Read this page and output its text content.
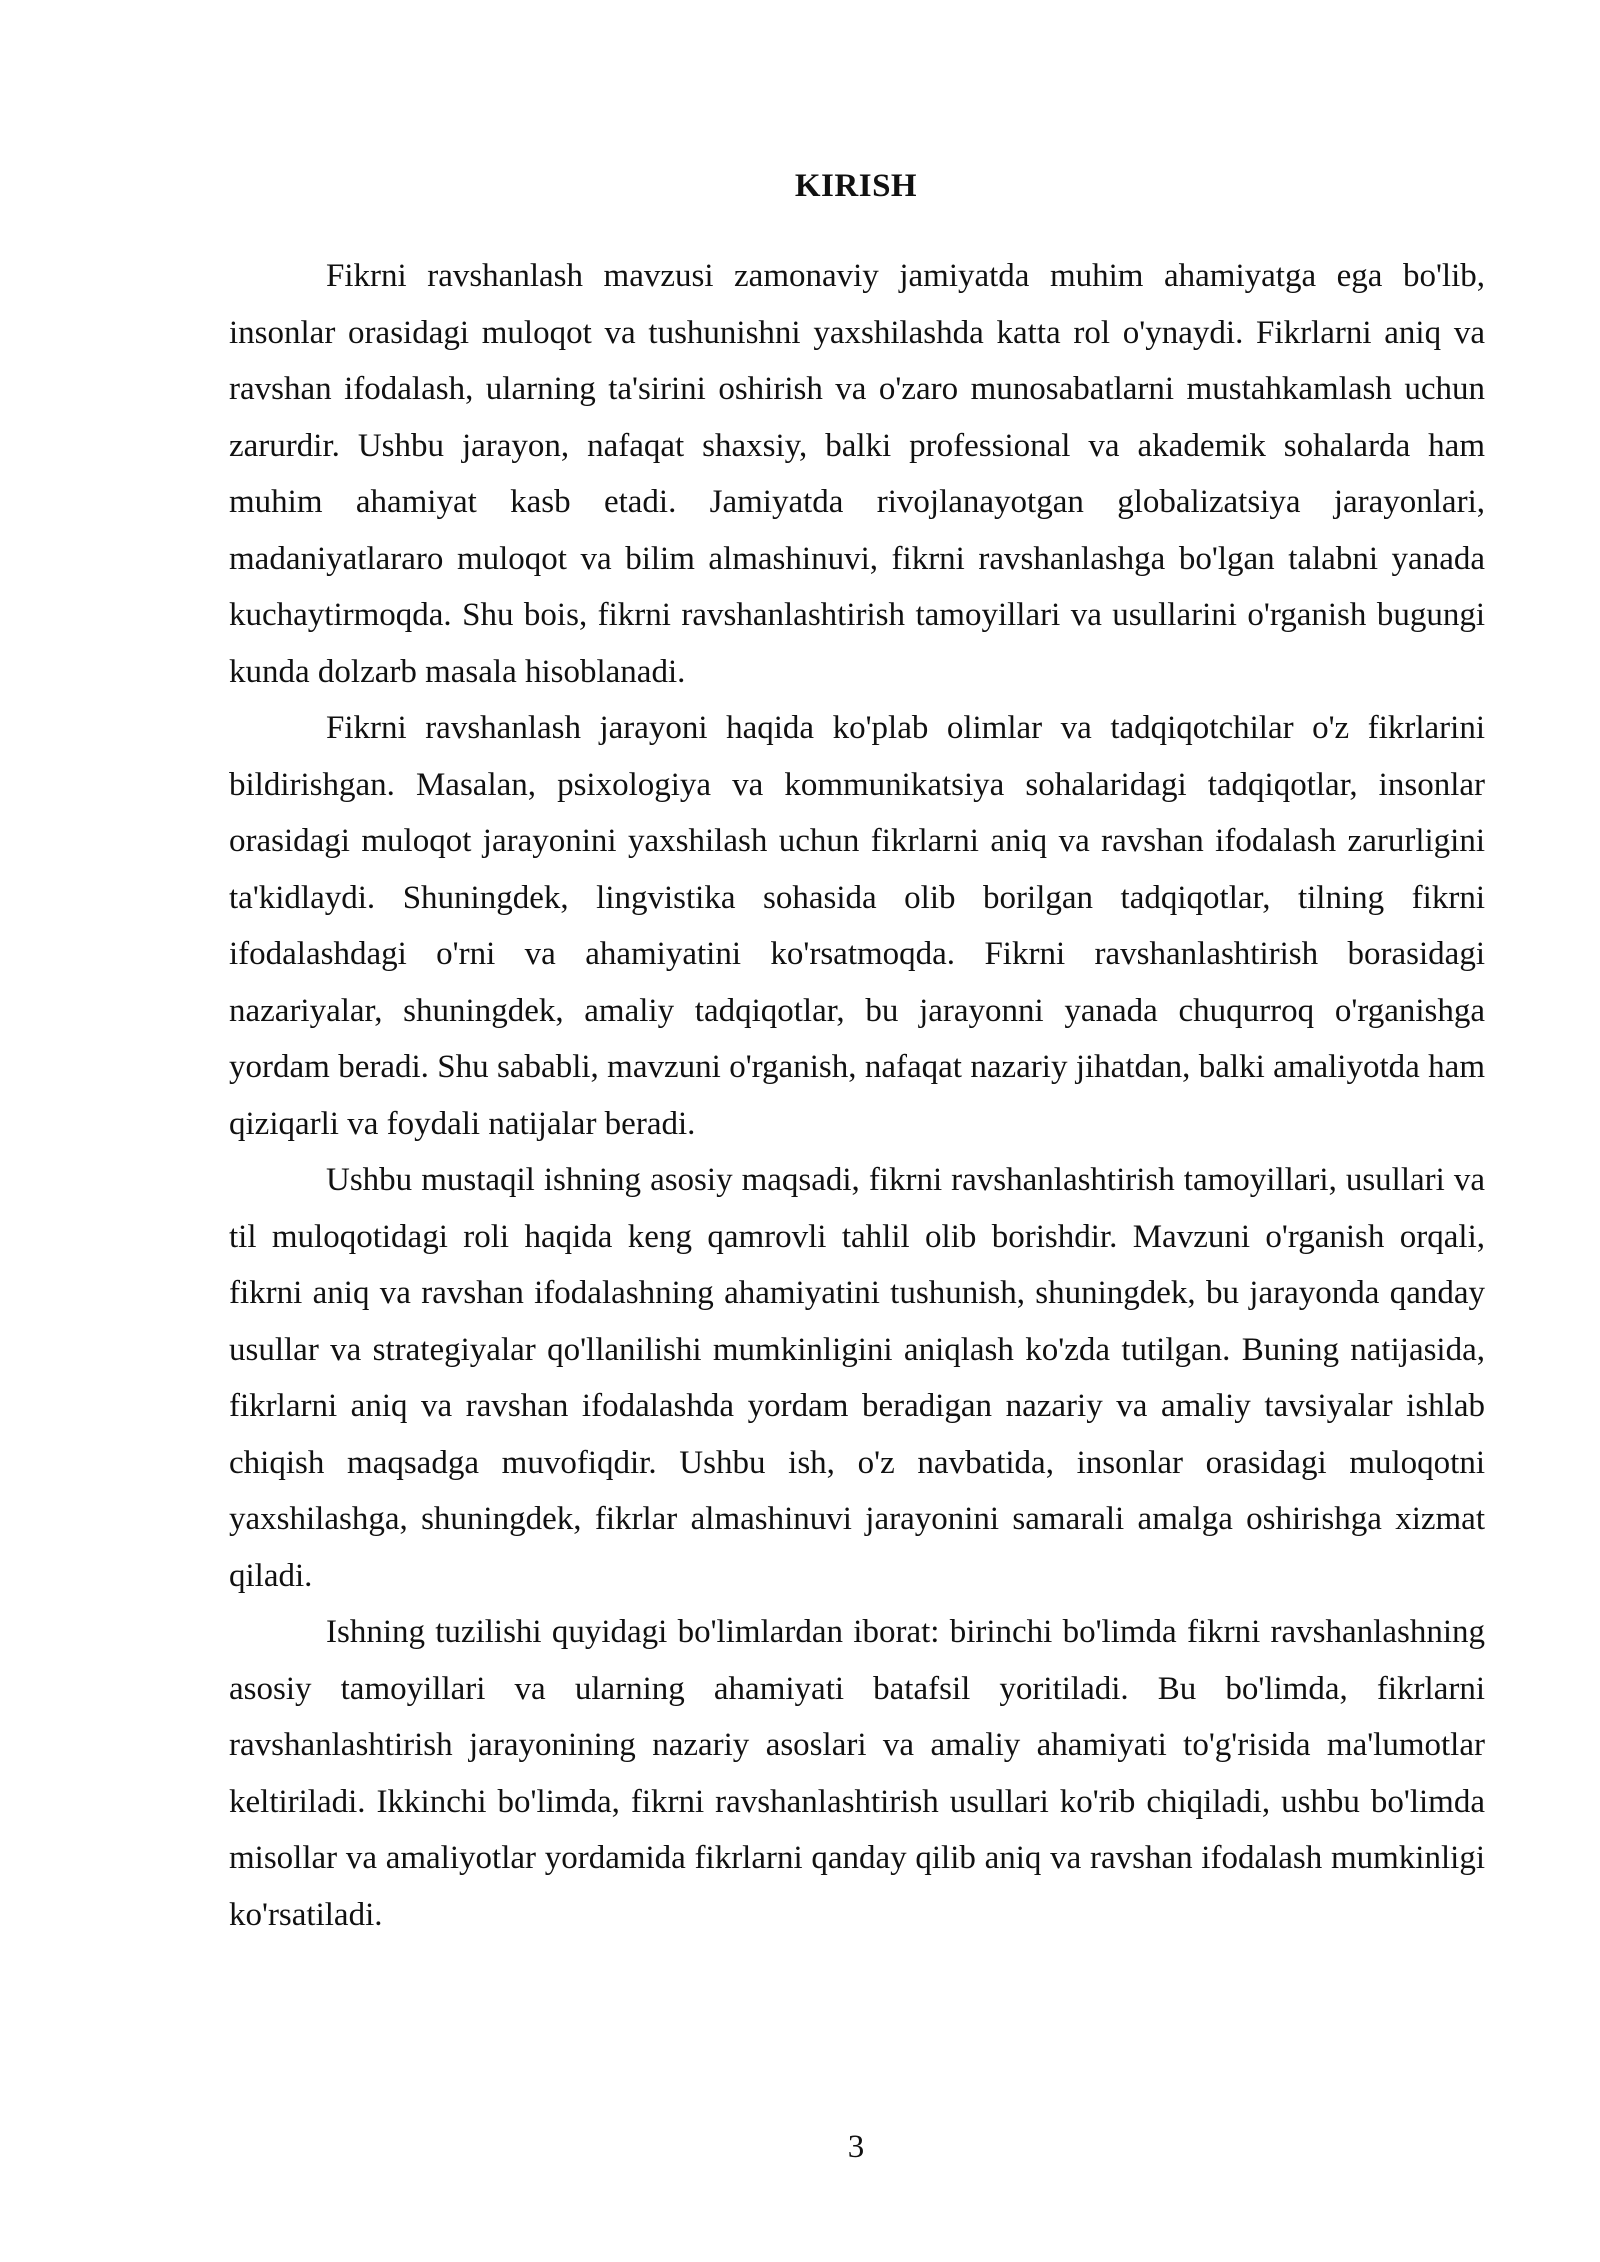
KIRISH

Fikrni ravshanlash mavzusi zamonaviy jamiyatda muhim ahamiyatga ega bo'lib, insonlar orasidagi muloqot va tushunishni yaxshilashda katta rol o'ynaydi. Fikrlarni aniq va ravshan ifodalash, ularning ta'sirini oshirish va o'zaro munosabatlarni mustahkamlash uchun zarurdir. Ushbu jarayon, nafaqat shaxsiy, balki professional va akademik sohalarda ham muhim ahamiyat kasb etadi. Jamiyatda rivojlanayotgan globalizatsiya jarayonlari, madaniyatlararo muloqot va bilim almashinuvi, fikrni ravshanlashga bo'lgan talabni yanada kuchaytirmoqda. Shu bois, fikrni ravshanlashtirish tamoyillari va usullarini o'rganish bugungi kunda dolzarb masala hisoblanadi.

Fikrni ravshanlash jarayoni haqida ko'plab olimlar va tadqiqotchilar o'z fikrlarini bildirishgan. Masalan, psixologiya va kommunikatsiya sohalaridagi tadqiqotlar, insonlar orasidagi muloqot jarayonini yaxshilash uchun fikrlarni aniq va ravshan ifodalash zarurligini ta'kidlaydi. Shuningdek, lingvistika sohasida olib borilgan tadqiqotlar, tilning fikrni ifodalashdagi o'rni va ahamiyatini ko'rsatmoqda. Fikrni ravshanlashtirish borasidagi nazariyalar, shuningdek, amaliy tadqiqotlar, bu jarayonni yanada chuqurroq o'rganishga yordam beradi. Shu sababli, mavzuni o'rganish, nafaqat nazariy jihatdan, balki amaliyotda ham qiziqarli va foydali natijalar beradi.

Ushbu mustaqil ishning asosiy maqsadi, fikrni ravshanlashtirish tamoyillari, usullari va til muloqotidagi roli haqida keng qamrovli tahlil olib borishdir. Mavzuni o'rganish orqali, fikrni aniq va ravshan ifodalashning ahamiyatini tushunish, shuningdek, bu jarayonda qanday usullar va strategiyalar qo'llanilishi mumkinligini aniqlash ko'zda tutilgan. Buning natijasida, fikrlarni aniq va ravshan ifodalashda yordam beradigan nazariy va amaliy tavsiyalar ishlab chiqish maqsadga muvofiqdir. Ushbu ish, o'z navbatida, insonlar orasidagi muloqotni yaxshilashga, shuningdek, fikrlar almashinuvi jarayonini samarali amalga oshirishga xizmat qiladi.

Ishning tuzilishi quyidagi bo'limlardan iborat: birinchi bo'limda fikrni ravshanlashning asosiy tamoyillari va ularning ahamiyati batafsil yoritiladi. Bu bo'limda, fikrlarni ravshanlashtirish jarayonining nazariy asoslari va amaliy ahamiyati to'g'risida ma'lumotlar keltiriladi. Ikkinchi bo'limda, fikrni ravshanlashtirish usullari ko'rib chiqiladi, ushbu bo'limda misollar va amaliyotlar yordamida fikrlarni qanday qilib aniq va ravshan ifodalash mumkinligi ko'rsatiladi.

3
